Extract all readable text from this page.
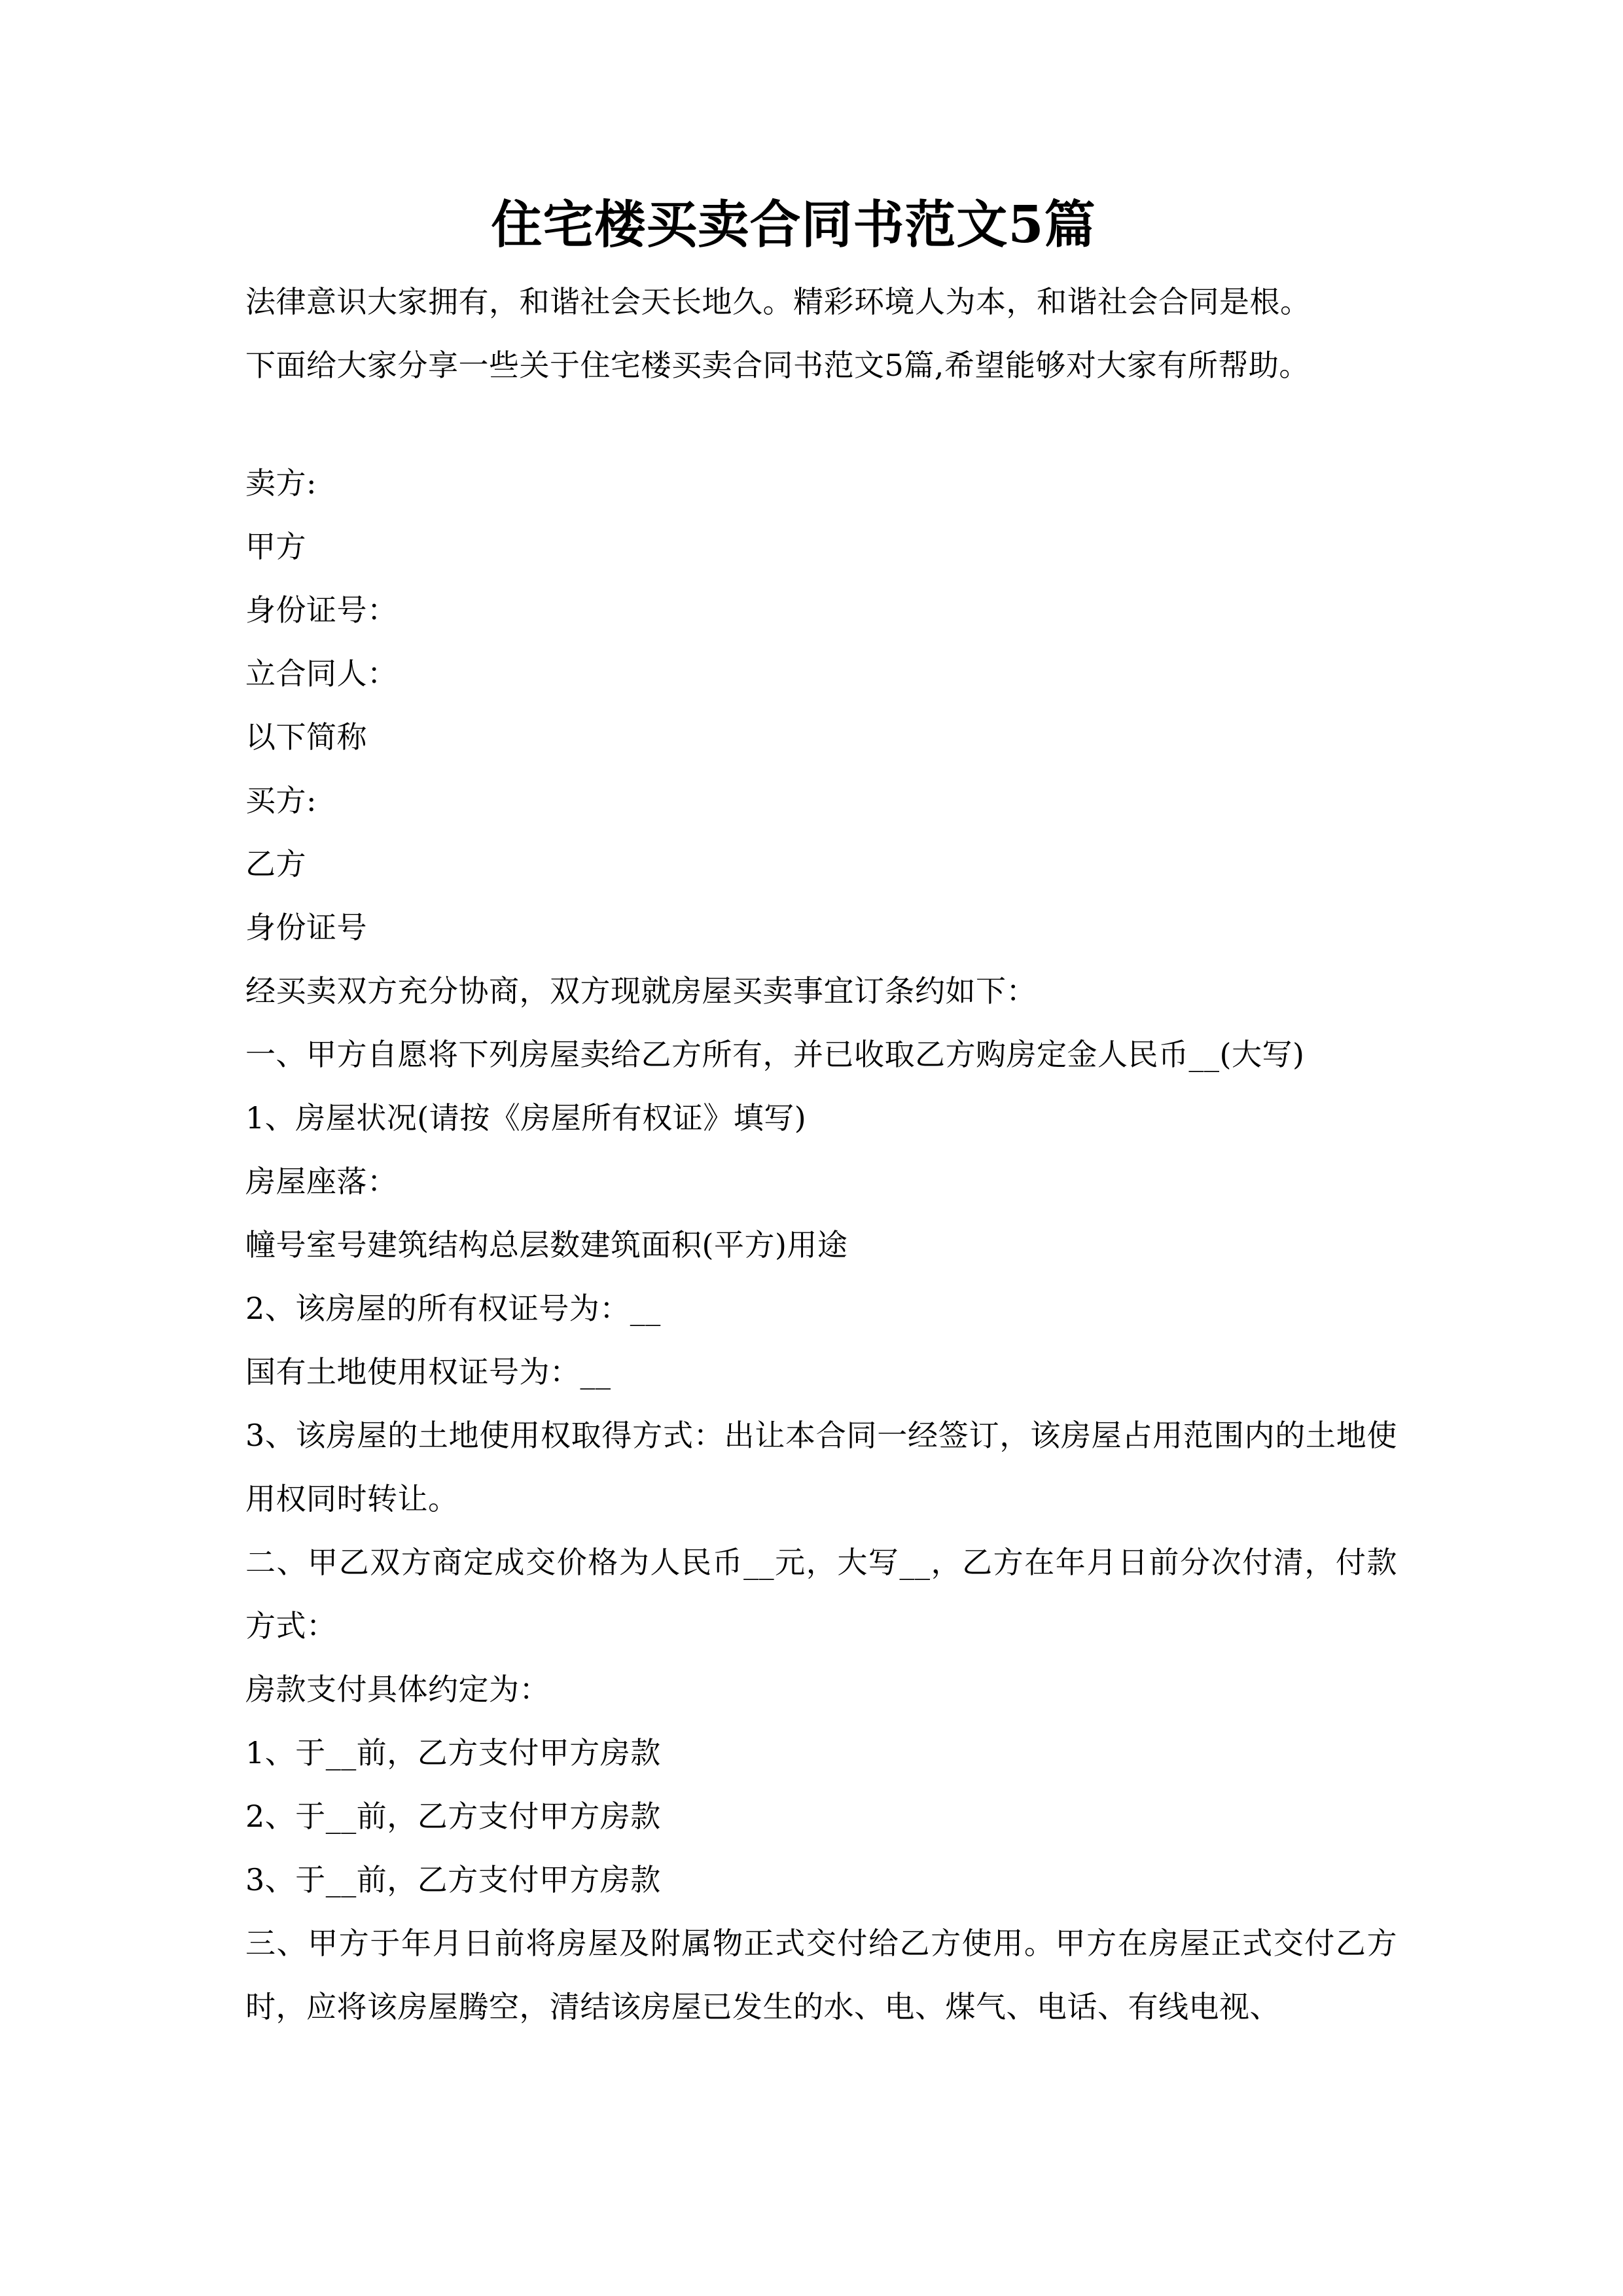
住宅楼买卖合同书范文5篇

法律意识大家拥有，和谐社会天长地久。精彩环境人为本，和谐社会合同是根。

下面给大家分享一些关于住宅楼买卖合同书范文5篇,希望能够对大家有所帮助。

卖方:

甲方

身份证号：

立合同人：

以下简称

买方:

乙方

身份证号

经买卖双方充分协商，双方现就房屋买卖事宜订条约如下：

一、甲方自愿将下列房屋卖给乙方所有，并已收取乙方购房定金人民币__(大写)

1、房屋状况(请按《房屋所有权证》填写)

房屋座落：

幢号室号建筑结构总层数建筑面积(平方)用途

2、该房屋的所有权证号为：__

国有土地使用权证号为：__

3、该房屋的土地使用权取得方式：出让本合同一经签订，该房屋占用范围内的土地使用权同时转让。

二、甲乙双方商定成交价格为人民币__元，大写__，乙方在年月日前分次付清，付款方式：

房款支付具体约定为：

1、于__前，乙方支付甲方房款

2、于__前，乙方支付甲方房款

3、于__前，乙方支付甲方房款

三、甲方于年月日前将房屋及附属物正式交付给乙方使用。甲方在房屋正式交付乙方时，应将该房屋腾空，清结该房屋已发生的水、电、煤气、电话、有线电视、
